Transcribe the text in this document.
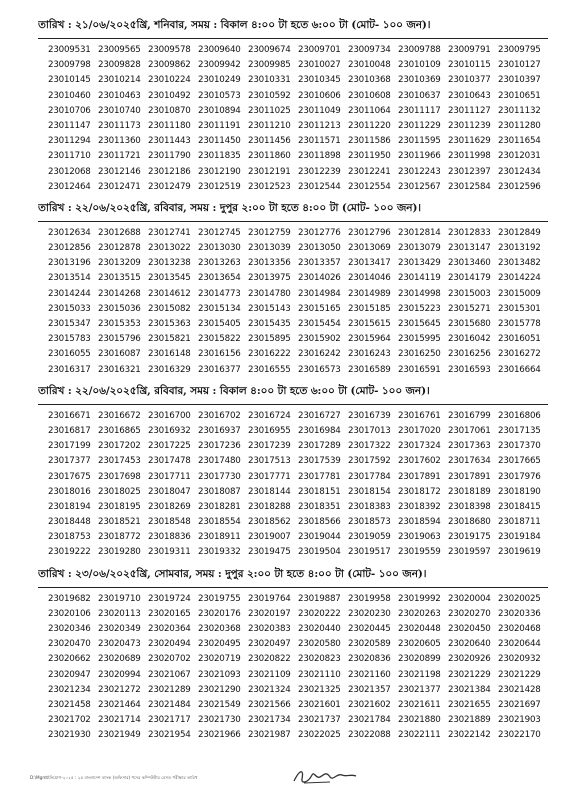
তারিখ : ২১/০৬/২০২৫খ্রি, শনিবার, সময় : বিকাল ৪:০০ টা হতে ৬:০০ টা (মোট- ১০০ জন)।
23009531 23009565 23009578 23009640 23009674 23009701 23009734 23009788 23009791 23009795
23009798 23009828 23009862 23009942 23009985 23010027 23010048 23010109 23010115 23010127
23010145 23010214 23010224 23010249 23010331 23010345 23010368 23010369 23010377 23010397
23010460 23010463 23010492 23010573 23010592 23010606 23010608 23010637 23010643 23010651
23010706 23010740 23010870 23010894 23011025 23011049 23011064 23011117 23011127 23011132
23011147 23011173 23011180 23011191 23011210 23011213 23011220 23011229 23011239 23011280
23011294 23011360 23011443 23011450 23011456 23011571 23011586 23011595 23011629 23011654
23011710 23011721 23011790 23011835 23011860 23011898 23011950 23011966 23011998 23012031
23012068 23012146 23012186 23012190 23012191 23012239 23012241 23012243 23012397 23012434
23012464 23012471 23012479 23012519 23012523 23012544 23012554 23012567 23012584 23012596
তারিখ : ২২/০৬/২০২৫খ্রি, রবিবার, সময় : দুপুর ২:০০ টা হতে ৪:০০ টা (মোট- ১০০ জন)।
23012634 23012688 23012741 23012745 23012759 23012776 23012796 23012814 23012833 23012849
23012856 23012878 23013022 23013030 23013039 23013050 23013069 23013079 23013147 23013192
23013196 23013209 23013238 23013263 23013356 23013357 23013417 23013429 23013460 23013482
23013514 23013515 23013545 23013654 23013975 23014026 23014046 23014119 23014179 23014224
23014244 23014268 23014612 23014773 23014780 23014984 23014989 23014998 23015003 23015009
23015033 23015036 23015082 23015134 23015143 23015165 23015185 23015223 23015271 23015301
23015347 23015353 23015363 23015405 23015435 23015454 23015615 23015645 23015680 23015778
23015783 23015796 23015821 23015822 23015895 23015902 23015964 23015995 23016042 23016051
23016055 23016087 23016148 23016156 23016222 23016242 23016243 23016250 23016256 23016272
23016317 23016321 23016329 23016377 23016555 23016573 23016589 23016591 23016593 23016664
তারিখ : ২২/০৬/২০২৫খ্রি, রবিবার, সময় : বিকাল ৪:০০ টা হতে ৬:০০ টা (মোট- ১০০ জন)।
23016671 23016672 23016700 23016702 23016724 23016727 23016739 23016761 23016799 23016806
23016817 23016865 23016932 23016937 23016955 23016984 23017013 23017020 23017061 23017135
23017199 23017202 23017225 23017236 23017239 23017289 23017322 23017324 23017363 23017370
23017377 23017453 23017478 23017480 23017513 23017539 23017592 23017602 23017634 23017665
23017675 23017698 23017711 23017730 23017771 23017781 23017784 23017891 23017891 23017976
23018016 23018025 23018047 23018087 23018144 23018151 23018154 23018172 23018189 23018190
23018194 23018195 23018269 23018281 23018288 23018351 23018383 23018392 23018398 23018415
23018448 23018521 23018548 23018554 23018562 23018566 23018573 23018594 23018680 23018711
23018753 23018772 23018836 23018911 23019007 23019044 23019059 23019063 23019175 23019184
23019222 23019280 23019311 23019332 23019475 23019504 23019517 23019559 23019597 23019619
তারিখ : ২৩/০৬/২০২৫খ্রি, সোমবার, সময় : দুপুর ২:০০ টা হতে ৪:০০ টা (মোট- ১০০ জন)।
23019682 23019710 23019724 23019755 23019764 23019887 23019958 23019992 23020004 23020025
23020106 23020113 23020165 23020176 23020197 23020222 23020230 23020263 23020270 23020336
23020346 23020349 23020364 23020368 23020383 23020440 23020445 23020448 23020450 23020468
23020470 23020473 23020494 23020495 23020497 23020580 23020589 23020605 23020640 23020644
23020662 23020689 23020702 23020719 23020822 23020823 23020836 23020899 23020926 23020932
23020947 23020994 23021067 23021093 23021109 23021110 23021160 23021198 23021229 23021229
23021234 23021272 23021289 23021290 23021324 23021325 23021357 23021377 23021384 23021428
23021458 23021464 23021484 23021549 23021566 23021601 23021602 23021611 23021655 23021697
23021702 23021714 23021717 23021730 23021734 23021737 23021784 23021880 23021889 23021903
23021930 23021949 23021954 23021966 23021987 23022025 23022088 23022111 23022142 23022170
D:\Mgmt\নিয়োগ-২০২৫ : ২৫ বাংলাদেশ ব্যাংক (অফিসার) পদের কম্পিউটার বেসড পরীক্ষার তারিখ
